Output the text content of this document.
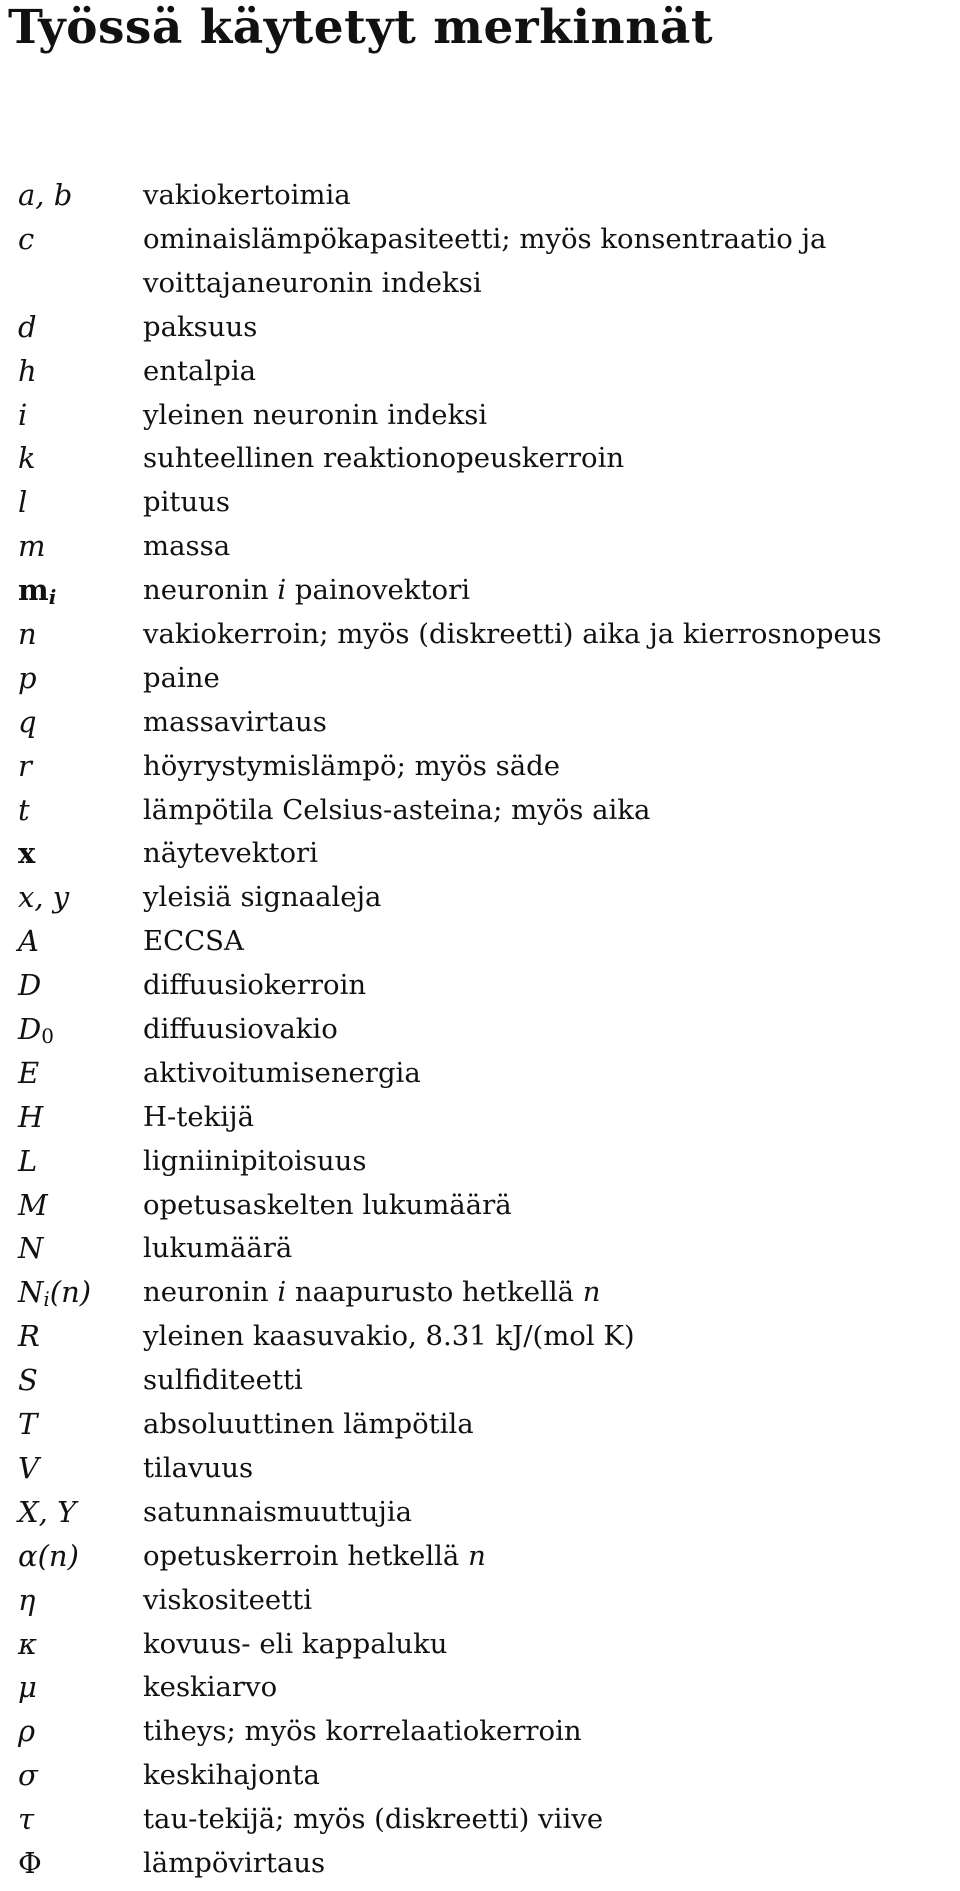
Työssä käytetyt merkinnät
a, b	vakiokertoimia
c	ominaislämpökapasiteetti; myös konsentraatio ja
voittajaneuronin indeksi
d	paksuus
h	entalpia
i	yleinen neuronin indeksi
k	suhteellinen reaktionopeuskerroin
l	pituus
m	massa
$m_i$	neuronin i painovektori
n	vakiokerroin; myös (diskreetti) aika ja kierrosnopeus
p	paine
q	massavirtaus
r	höyrystymislämpö; myös säde
t	lämpötila Celsius-asteina; myös aika
x	näytevektori
x, y	yleisiä signaaleja
A	ECCSA
D	diffuusiokerroin
$D_0$	diffuusiovakio
E	aktivoitumisenergia
H	H-tekijä
L	ligniinipitoisuus
M	opetusaskelten lukumäärä
N	lukumäärä
$N_i(n)$	neuronin i naapurusto hetkellä n
R	yleinen kaasuvakio, 8.31 kJ/(mol K)
S	sulfiditeetti
T	absoluuttinen lämpötila
V	tilavuus
X, Y	satunnaismuuttujia
α(n)	opetuskerroin hetkellä n
η	viskositeetti
κ	kovuus- eli kappaluku
μ	keskiarvo
ρ	tiheys; myös korrelaatiokerroin
σ	keskihajonta
τ	tau-tekijä; myös (diskreetti) viive
Φ	lämpövirtaus
